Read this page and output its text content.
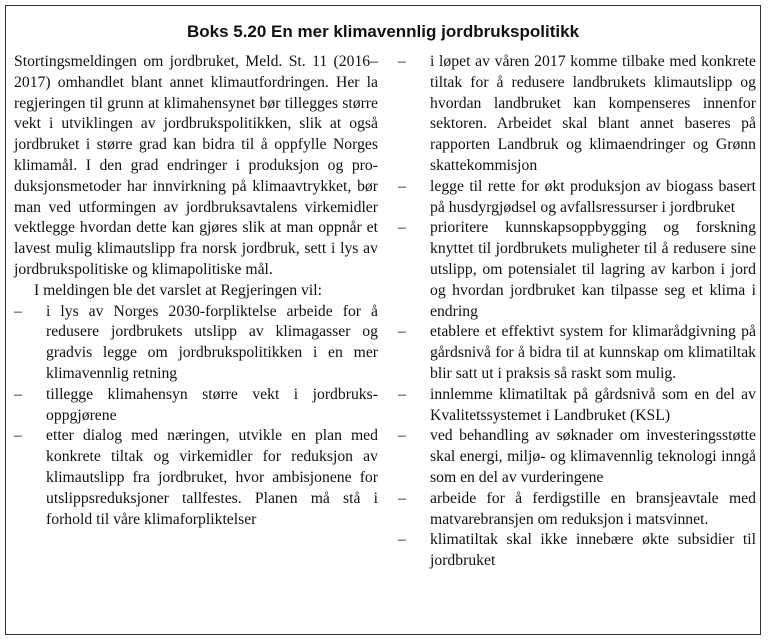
Boks 5.20 En mer klimavennlig jordbrukspolitikk

Stortingsmeldingen om jordbruket, Meld. St. 11 (2016–2017) omhandlet blant annet klimautfordringen. Her la regjeringen til grunn at klimahensynet bør tillegges større vekt i utviklingen av jordbrukspolitikken, slik at også jordbruket i større grad kan bidra til å oppfylle Norges klimamål. I den grad endringer i produksjon og produksjonsmetoder har innvirkning på klimaavtrykket, bør man ved utformingen av jordbruksavtalens virkemidler vektlegge hvordan dette kan gjøres slik at man oppnår et lavest mulig klimautslipp fra norsk jordbruk, sett i lys av jordbrukspolitiske og klimapolitiske mål.

I meldingen ble det varslet at Regjeringen vil:

– i lys av Norges 2030-forpliktelse arbeide for å redusere jordbrukets utslipp av klimagasser og gradvis legge om jordbrukspolitikken i en mer klimavennlig retning
– tillegge klimahensyn større vekt i jordbruksoppgjørene
– etter dialog med næringen, utvikle en plan med konkrete tiltak og virkemidler for reduksjon av klimautslipp fra jordbruket, hvor ambisjonene for utslippsreduksjoner tallfestes. Planen må stå i forhold til våre klimaforpliktelser
– i løpet av våren 2017 komme tilbake med konkrete tiltak for å redusere landbrukets klimautslipp og hvordan landbruket kan kompenseres innenfor sektoren. Arbeidet skal blant annet baseres på rapporten Landbruk og klimaendringer og Grønn skattekommisjon
– legge til rette for økt produksjon av biogass basert på husdyrgjødsel og avfallsressurser i jordbruket
– prioritere kunnskapsoppbygging og forskning knyttet til jordbrukets muligheter til å redusere sine utslipp, om potensialet til lagring av karbon i jord og hvordan jordbruket kan tilpasse seg et klima i endring
– etablere et effektivt system for klimarådgivning på gårdsnivå for å bidra til at kunnskap om klimatiltak blir satt ut i praksis så raskt som mulig.
– innlemme klimatiltak på gårdsnivå som en del av Kvalitetssystemet i Landbruket (KSL)
– ved behandling av søknader om investeringsstøtte skal energi, miljø- og klimavennlig teknologi inngå som en del av vurderingene
– arbeide for å ferdigstille en bransjeavtale med matvarebransjen om reduksjon i matsvinnet.
– klimatiltak skal ikke innebære økte subsidier til jordbruket
